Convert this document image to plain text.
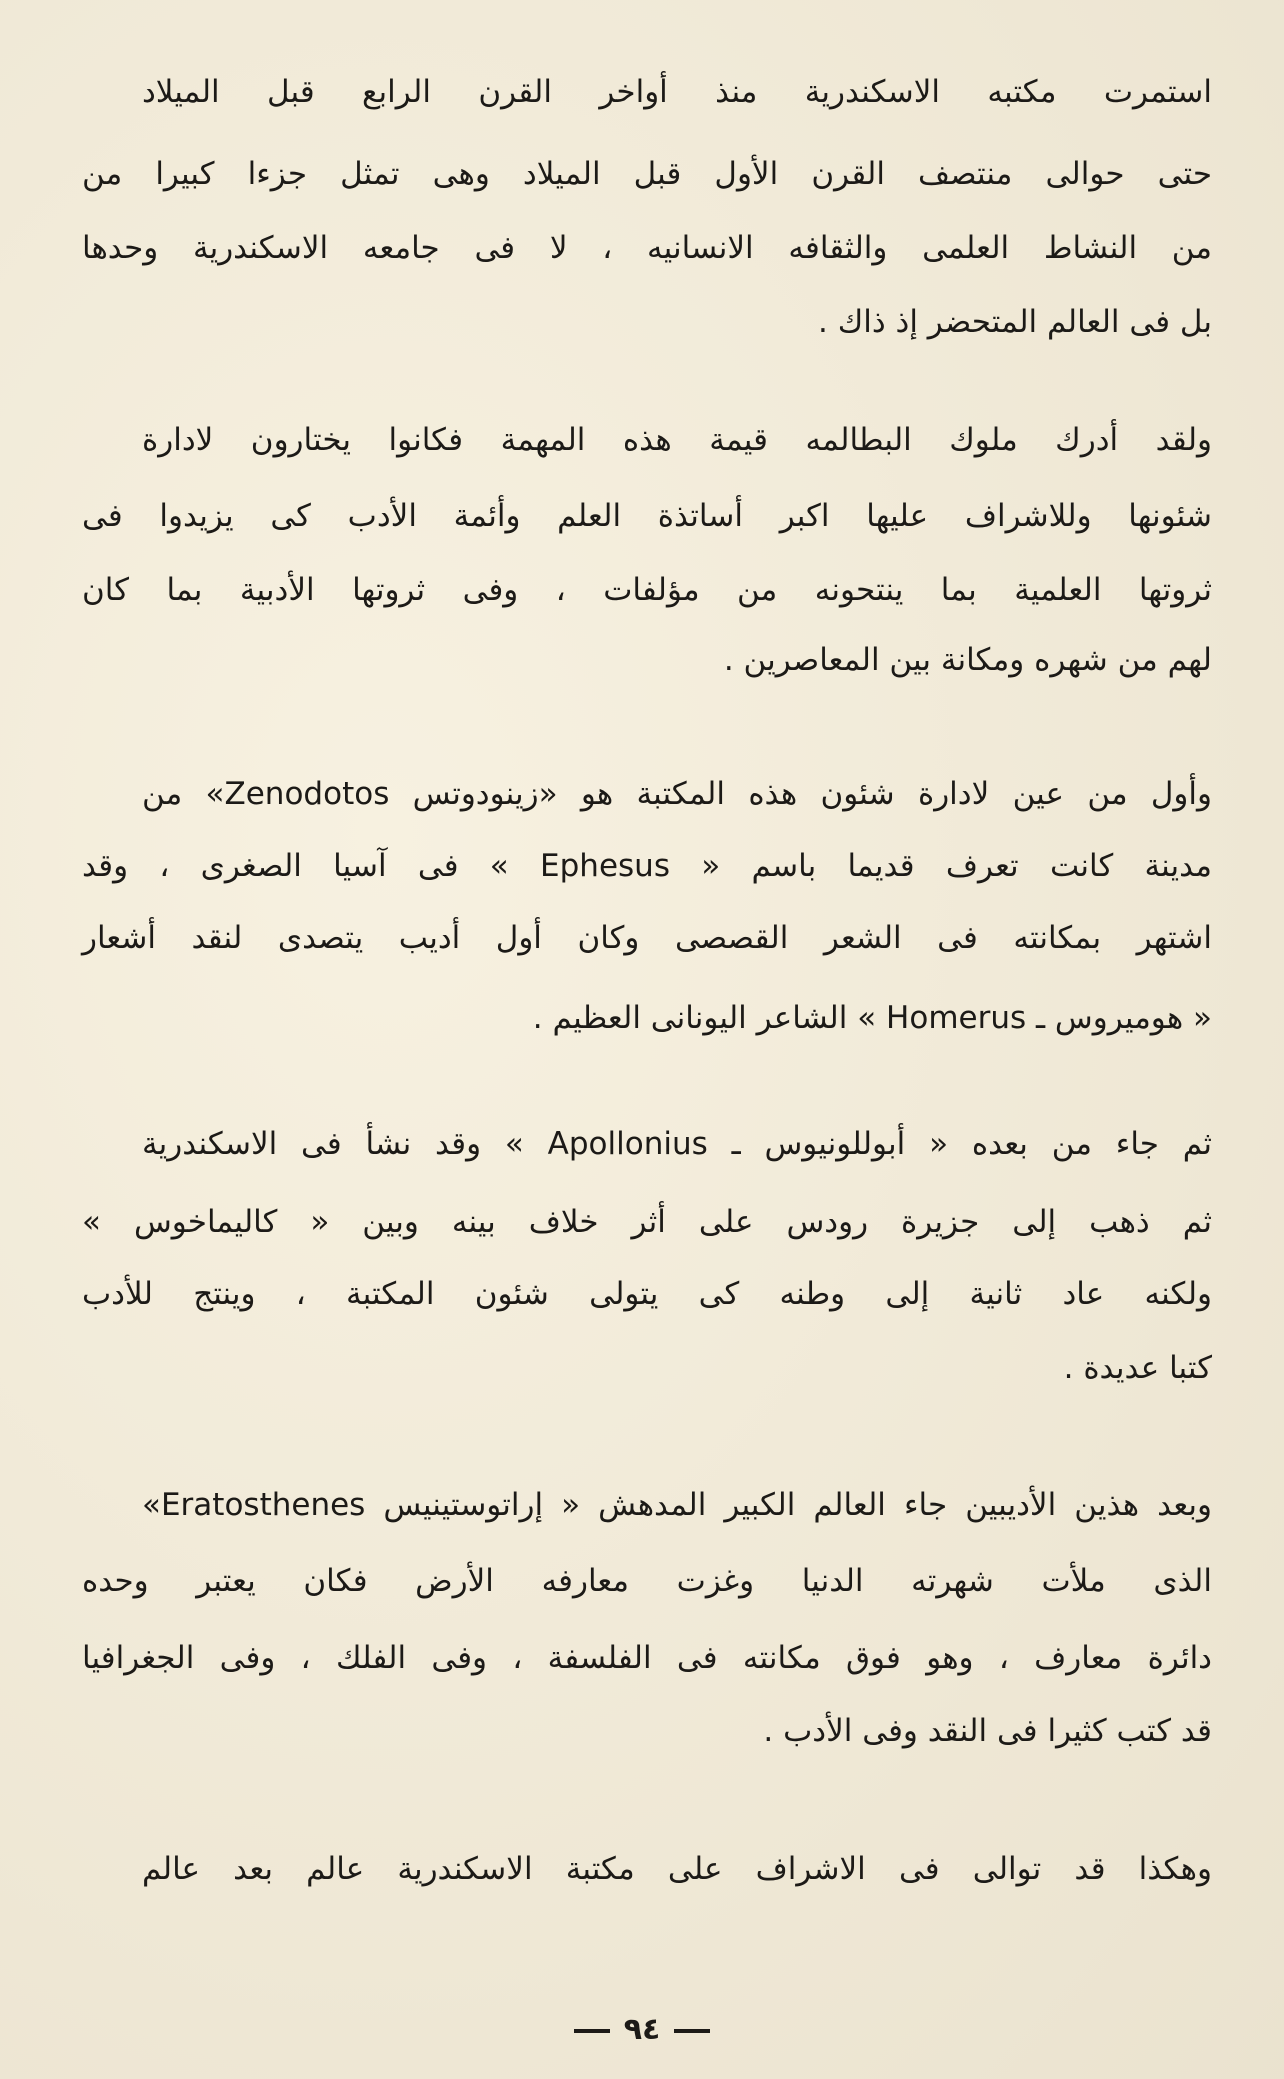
استمرت مكتبه الاسكندرية منذ أواخر القرن الرابع قبل الميلاد
حتى حوالى منتصف القرن الأول قبل الميلاد وهى تمثل جزءا كبيرا من
من النشاط العلمى والثقافه الانسانيه ، لا فى جامعه الاسكندرية وحدها
بل فى العالم المتحضر إذ ذاك .
ولقد أدرك ملوك البطالمه قيمة هذه المهمة فكانوا يختارون لادارة
شئونها وللاشراف عليها اكبر أساتذة العلم وأئمة الأدب كى يزيدوا فى
ثروتها العلمية بما ينتحونه من مؤلفات ، وفى ثروتها الأدبية بما كان
لهم من شهره ومكانة بين المعاصرين .
وأول من عين لادارة شئون هذه المكتبة هو «زينودوتس Zenodotos» من
مدينة كانت تعرف قديما باسم « Ephesus » فى آسيا الصغرى ، وقد
اشتهر بمكانته فى الشعر القصصى وكان أول أديب يتصدى لنقد أشعار
« هوميروس ـ Homerus » الشاعر اليونانى العظيم .
ثم جاء من بعده « أبوللونيوس ـ Apollonius » وقد نشأ فى الاسكندرية
ثم ذهب إلى جزيرة رودس على أثر خلاف بينه وبين « كاليماخوس »
ولكنه عاد ثانية إلى وطنه كى يتولى شئون المكتبة ، وينتج للأدب
كتبا عديدة .
وبعد هذين الأديبين جاء العالم الكبير المدهش « إراتوستينيس Eratosthenes»
الذى ملأت شهرته الدنيا وغزت معارفه الأرض فكان يعتبر وحده
دائرة معارف ، وهو فوق مكانته فى الفلسفة ، وفى الفلك ، وفى الجغرافيا
قد كتب كثيرا فى النقد وفى الأدب .
وهكذا قد توالى فى الاشراف على مكتبة الاسكندرية عالم بعد عالم
٩٤
